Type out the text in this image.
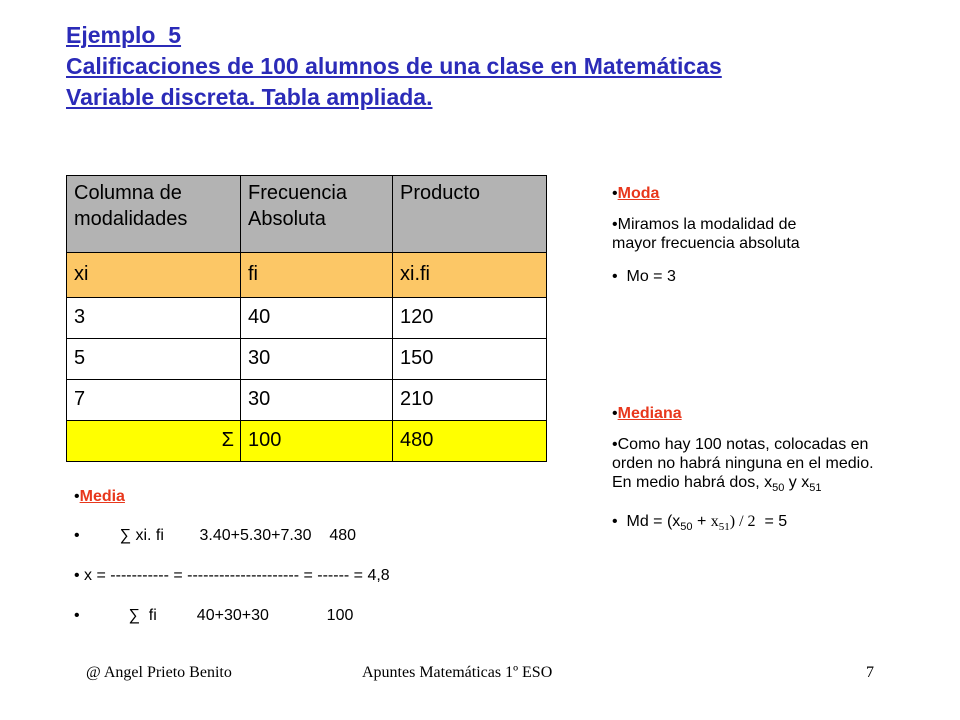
Ejemplo_5
Calificaciones de 100 alumnos de una clase en Matemáticas
Variable discreta. Tabla ampliada.
Columna de modalidades	Frecuencia Absoluta	Producto
xi	fi	xi.fi
3	40	120
5	30	150
7	30	210
Σ	100	480

•Moda

•Miramos la modalidad de mayor frecuencia absoluta

•  Mo = 3

•Mediana

•Como hay 100 notas, colocadas en orden no habrá ninguna en el medio. En medio habrá dos, $x_{50}$ y $x_{51}$

•  $Md = (x_{50} + x_{51}) / 2 = 5$

•Media
•         ∑ xi. fi        3.40+5.30+7.30    480
• x = ----------- = --------------------- = ------ = 4,8
•           ∑  fi         40+30+30             100
@ Angel Prieto Benito	Apuntes Matemáticas 1º ESO	7
